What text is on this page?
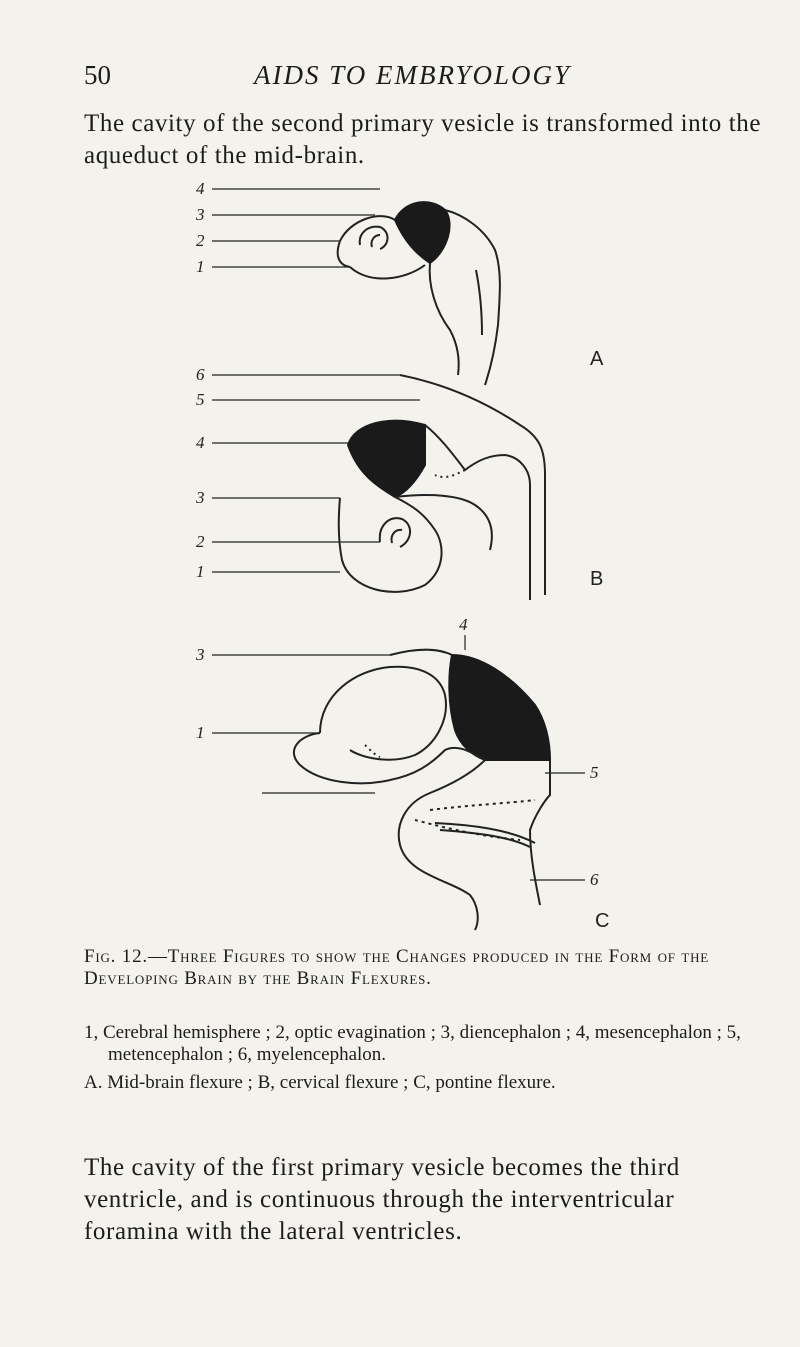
50	AIDS TO EMBRYOLOGY
The cavity of the second primary vesicle is transformed into the aqueduct of the mid-brain.
A
B
C
4
3
2
1
6
5
4
3
2
1
4
3
1
5
6
Fig. 12.—Three Figures to show the Changes produced in the Form of the Developing Brain by the Brain Flexures.

1, Cerebral hemisphere ; 2, optic evagination ; 3, diencephalon ; 4, mesencephalon ; 5, metencephalon ; 6, myelencephalon.

A. Mid-brain flexure ; B, cervical flexure ; C, pontine flexure.

The cavity of the first primary vesicle becomes the third ventricle, and is continuous through the interventricular foramina with the lateral ventricles.
